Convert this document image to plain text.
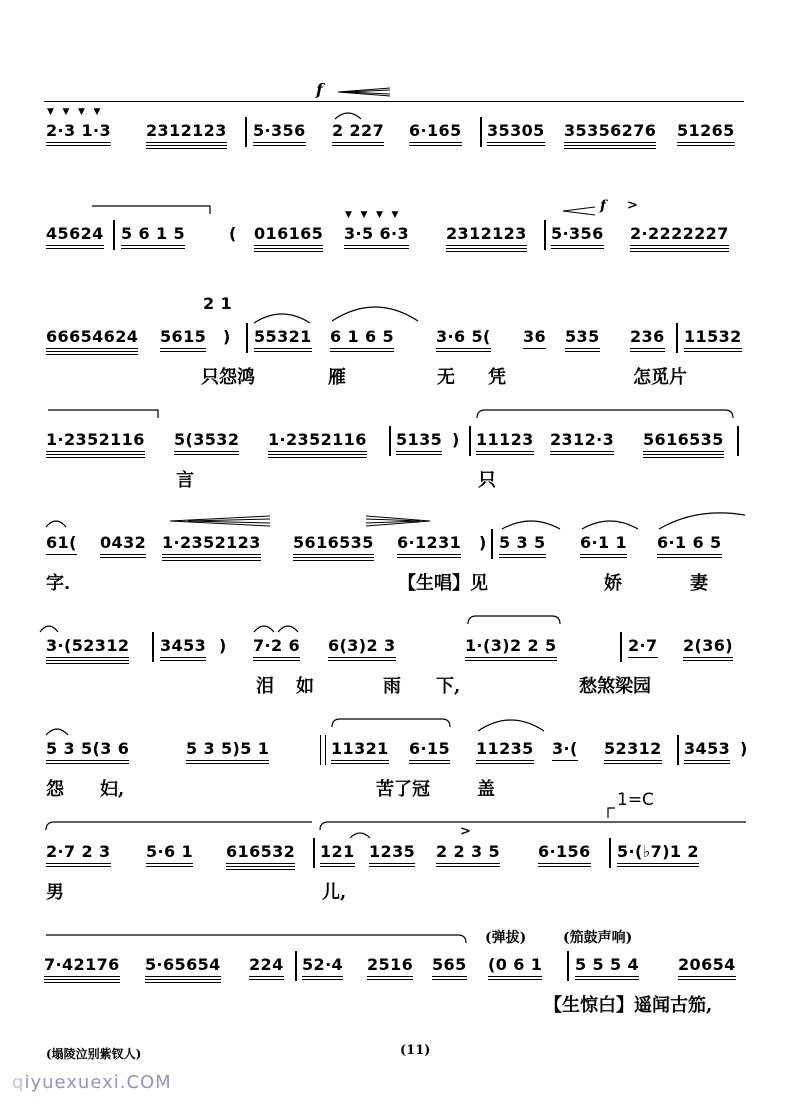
f
▼   ▼   ▼   ▼
2·3 1·3 2312123 5·356 2 227 6·165 35305 35356276 51265
45624 5 6 1 5	( 016165
▼   ▼   ▼   ▼
3·5 6·3 2312123
f >
5·356 2·2222227
2 1
66654624 5615 ) 55321 6 1 6 5	3·6 5( 36 535 236 11532
只怨鸿	雁	无 凭	怎觅片
1·2352116 5(3532 1·2352116 5135 ) 11123 2312·3 5616535
言	只
61( 0432 1·2352123 5616535 6·1231 ) 5 3 5 6·1 1 6·1 6 5
字.	【生唱】见	娇	妻
3·(52312 3453 ) 7·2 6 6(3)2 3	1·(3)2 2 5	2·7 2(36)
泪 如	雨 下,	愁煞梁园
5 3 5(3 6	5 3 5)5 1	11321 6·15 11235 3·( 52312 3453 )
怨 妇,	苦了冠	盖	1=C
2·7 2 3 5·6 1 616532 121 1235
>
2 2 3 5 6·156 5·(♭7)1 2
男	儿,
(弹拔)	(笳鼓声响)
7·42176 5·65654 224 52·4 2516 565 (0 6 1 5 5 5 4 20654
【生惊白】遥闻古笳,
(塌陵泣别紫钗人)	(11)
qiyuexuexi.COM
